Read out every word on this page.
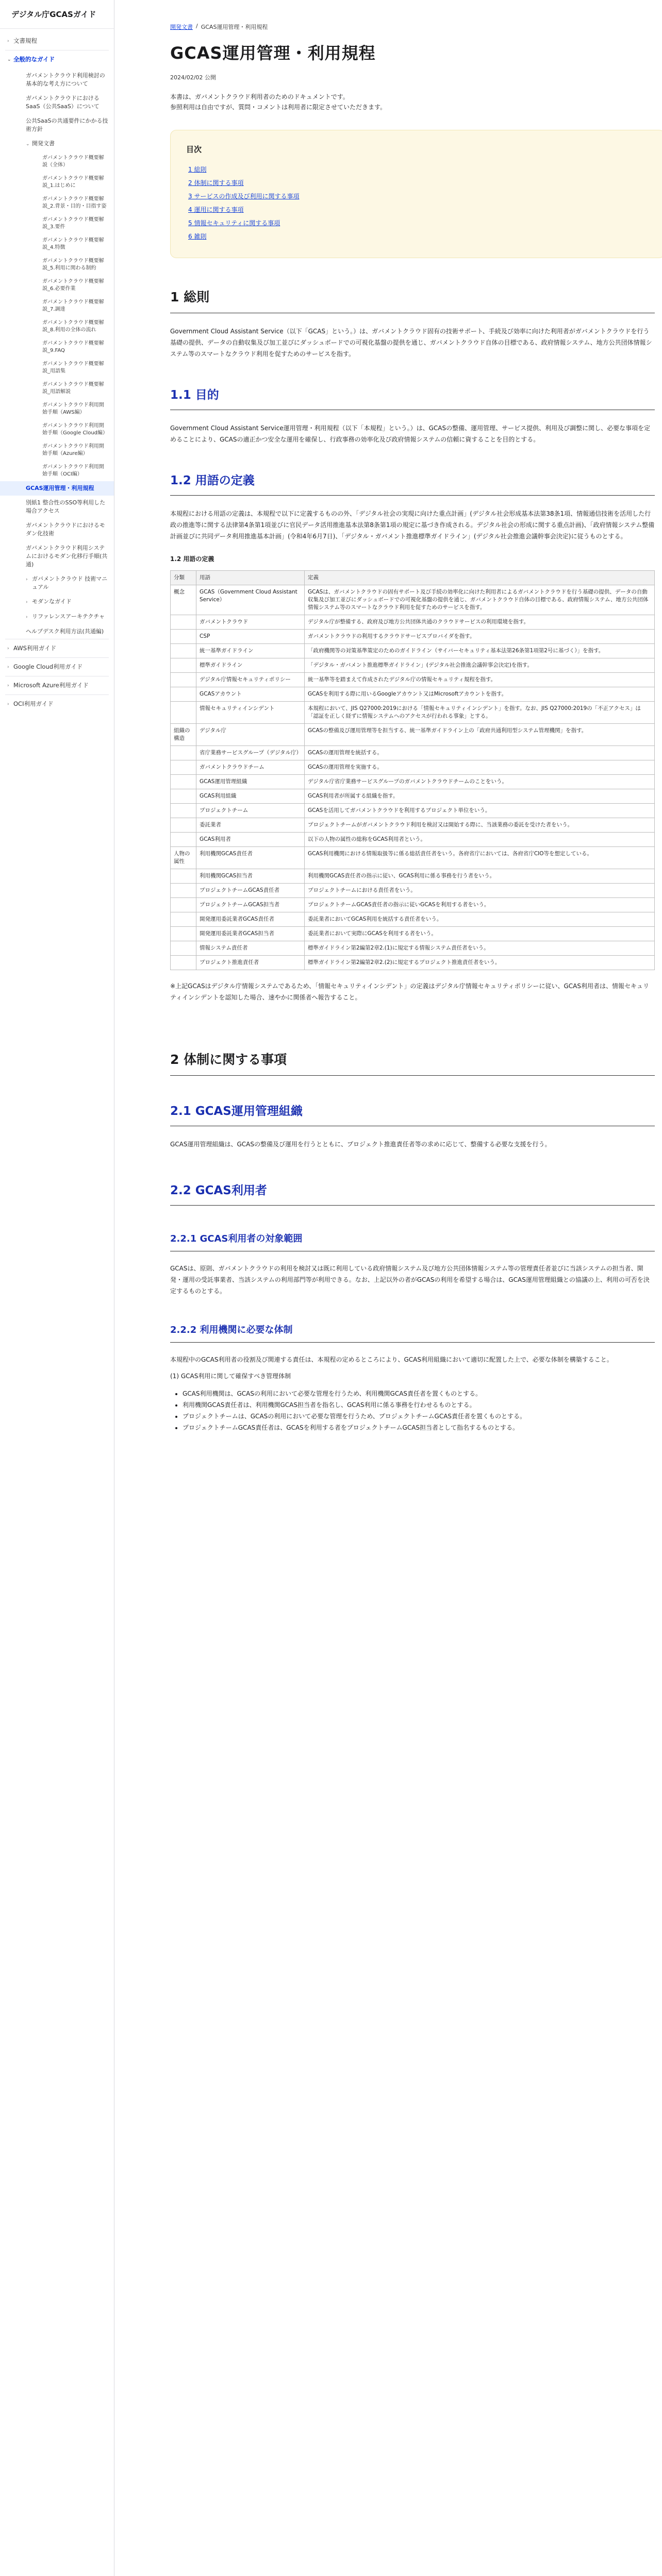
デジタル庁GCASガイド
› 文書規程
⌄ 全般的なガイド
ガバメントクラウド利用検討の基本的な考え方について
ガバメントクラウドにおけるSaaS（公共SaaS）について
公共SaaSの共通要件にかかる技術方針
⌄ 開発文書
ガバメントクラウド概要解説（全体）
ガバメントクラウド概要解説_1.はじめに
ガバメントクラウド概要解説_2.背景・目的・目指す姿
ガバメントクラウド概要解説_3.要件
ガバメントクラウド概要解説_4.特徴
ガバメントクラウド概要解説_5.利用に関わる制約
ガバメントクラウド概要解説_6.必要作業
ガバメントクラウド概要解説_7.調達
ガバメントクラウド概要解説_8.利用の全体の流れ
ガバメントクラウド概要解説_9.FAQ
ガバメントクラウド概要解説_用語集
ガバメントクラウド概要解説_用語解説
ガバメントクラウド利用開始手順（AWS編）
ガバメントクラウド利用開始手順（Google Cloud編）
ガバメントクラウド利用開始手順（Azure編）
ガバメントクラウド利用開始手順（OCI編）
GCAS運用管理・利用規程
別紙1 整合性のSSO等利用した場合アクセス
ガバメントクラウドにおけるモダン化技術
ガバメントクラウド利用システムにおけるモダン化移行手順(共通)
› ガバメントクラウド 技術マニュアル
› モダンなガイド
› リファレンスアーキテクチャ
ヘルプデスク利用方法(共通編)
› AWS利用ガイド
› Google Cloud利用ガイド
› Microsoft Azure利用ガイド
› OCI利用ガイド
開発文書 / GCAS運用管理・利用規程
GCAS運用管理・利用規程
2024/02/02 公開
本書は、ガバメントクラウド利用者のためのドキュメントです。
参照利用は自由ですが、質問・コメントは利用者に限定させていただきます。
目次
1 総則
2 体制に関する事項
3 サービスの作成及び利用に関する事項
4 運用に関する事項
5 情報セキュリティに関する事項
6 雑則
1 総則

Government Cloud Assistant Service（以下「GCAS」という。）は、ガバメントクラウド固有の技術サポート、手続及び効率に向けた利用者がガバメントクラウドを行う基礎の提供、データの自動収集及び加工並びにダッシュボードでの可視化基盤の提供を通じ、ガバメントクラウド自体の目標である、政府情報システム、地方公共団体情報システム等のスマートなクラウド利用を促すためのサービスを指す。

1.1 目的

Government Cloud Assistant Service運用管理・利用規程（以下「本規程」という。）は、GCASの整備、運用管理、サービス提供、利用及び調整に関し、必要な事項を定めることにより、GCASの適正かつ安全な運用を確保し、行政事務の効率化及び政府情報システムの信頼に資することを目的とする。

1.2 用語の定義

本規程における用語の定義は、本規程で以下に定義するものの外、「デジタル社会の実現に向けた重点計画」(デジタル社会形成基本法第38条1項、情報通信技術を活用した行政の推進等に関する法律第4条第1項並びに官民データ活用推進基本法第8条第1項の規定に基づき作成される。デジタル社会の形成に関する重点計画)、「政府情報システム整備計画並びに共同データ利用推進基本計画」(令和4年6月7日)、「デジタル・ガバメント推進標準ガイドライン」(デジタル社会推進会議幹事会決定)に従うものとする。

1.2 用語の定義
分類	用語	定義
概念	GCAS（Government Cloud Assistant Service）	GCASは、ガバメントクラウドの固有サポート及び手続の効率化に向けた利用者によるガバメントクラウドを行う基礎の提供、データの自動収集及び加工並びにダッシュボードでの可視化基盤の提供を通じ、ガバメントクラウド自体の目標である、政府情報システム、地方公共団体情報システム等のスマートなクラウド利用を促すためのサービスを指す。
	ガバメントクラウド	デジタル庁が整備する、政府及び地方公共団体共通のクラウドサービスの利用環境を指す。
	CSP	ガバメントクラウドの利用するクラウドサービスプロバイダを指す。
	統一基準ガイドライン	「政府機関等の対策基準策定のためのガイドライン（サイバーセキュリティ基本法第26条第1項第2号に基づく）」を指す。
	標準ガイドライン	「デジタル・ガバメント推進標準ガイドライン」(デジタル社会推進会議幹事会決定)を指す。
	デジタル庁情報セキュリティポリシー	統一基準等を踏まえて作成されたデジタル庁の情報セキュリティ規程を指す。
	GCASアカウント	GCASを利用する際に用いるGoogleアカウント又はMicrosoftアカウントを指す。
	情報セキュリティインシデント	本規程において、JIS Q27000:2019における「情報セキュリティインシデント」を指す。なお、JIS Q27000:2019の「不正アクセス」は「認証を正しく経ずに情報システムへのアクセスが行われる事象」とする。
組織の構造	デジタル庁	GCASの整備及び運用管理等を担当する、統一基準ガイドライン上の「政府共通利用型システム管理機関」を指す。
	省庁業務サービスグループ（デジタル庁）	GCASの運用管理を統括する。
	ガバメントクラウドチーム	GCASの運用管理を実施する。
	GCAS運用管理組織	デジタル庁省庁業務サービスグループのガバメントクラウドチームのことをいう。
	GCAS利用組織	GCAS利用者が所属する組織を指す。
	プロジェクトチーム	GCASを活用してガバメントクラウドを利用するプロジェクト単位をいう。
	委託業者	プロジェクトチームがガバメントクラウド利用を検討又は開始する際に、当該業務の委託を受けた者をいう。
	GCAS利用者	以下の人物の属性の総称をGCAS利用者という。
人物の属性	利用機関GCAS責任者	GCAS利用機関における情報取扱等に係る総括責任者をいう。各府省庁においては、各府省庁CIO等を想定している。
	利用機関GCAS担当者	利用機関GCAS責任者の指示に従い、GCAS利用に係る事務を行う者をいう。
	プロジェクトチームGCAS責任者	プロジェクトチームにおける責任者をいう。
	プロジェクトチームGCAS担当者	プロジェクトチームGCAS責任者の指示に従いGCASを利用する者をいう。
	開発運用委託業者GCAS責任者	委託業者においてGCAS利用を統括する責任者をいう。
	開発運用委託業者GCAS担当者	委託業者において実際にGCASを利用する者をいう。
	情報システム責任者	標準ガイドライン第2編第2章2.(1)に規定する情報システム責任者をいう。
	プロジェクト推進責任者	標準ガイドライン第2編第2章2.(2)に規定するプロジェクト推進責任者をいう。

※上記GCASはデジタル庁情報システムであるため、「情報セキュリティインシデント」の定義はデジタル庁情報セキュリティポリシーに従い、GCAS利用者は、情報セキュリティインシデントを認知した場合、速やかに関係者へ報告すること。

2 体制に関する事項
2.1 GCAS運用管理組織

GCAS運用管理組織は、GCASの整備及び運用を行うとともに、プロジェクト推進責任者等の求めに応じて、整備する必要な支援を行う。

2.2 GCAS利用者
2.2.1 GCAS利用者の対象範囲

GCASは、原則、ガバメントクラウドの利用を検討又は既に利用している政府情報システム及び地方公共団体情報システム等の管理責任者並びに当該システムの担当者、開発・運用の受託事業者、当該システムの利用部門等が利用できる。なお、上記以外の者がGCASの利用を希望する場合は、GCAS運用管理組織との協議の上、利用の可否を決定するものとする。

2.2.2 利用機関に必要な体制

本規程中のGCAS利用者の役割及び関連する責任は、本規程の定めるところにより、GCAS利用組織において適切に配置した上で、必要な体制を構築すること。

(1) GCAS利用に関して確保すべき管理体制

• GCAS利用機関は、GCASの利用において必要な管理を行うため、利用機関GCAS責任者を置くものとする。
• 利用機関GCAS責任者は、利用機関GCAS担当者を指名し、GCAS利用に係る事務を行わせるものとする。
• プロジェクトチームは、GCASの利用において必要な管理を行うため、プロジェクトチームGCAS責任者を置くものとする。
• プロジェクトチームGCAS責任者は、GCASを利用する者をプロジェクトチームGCAS担当者として指名するものとする。
